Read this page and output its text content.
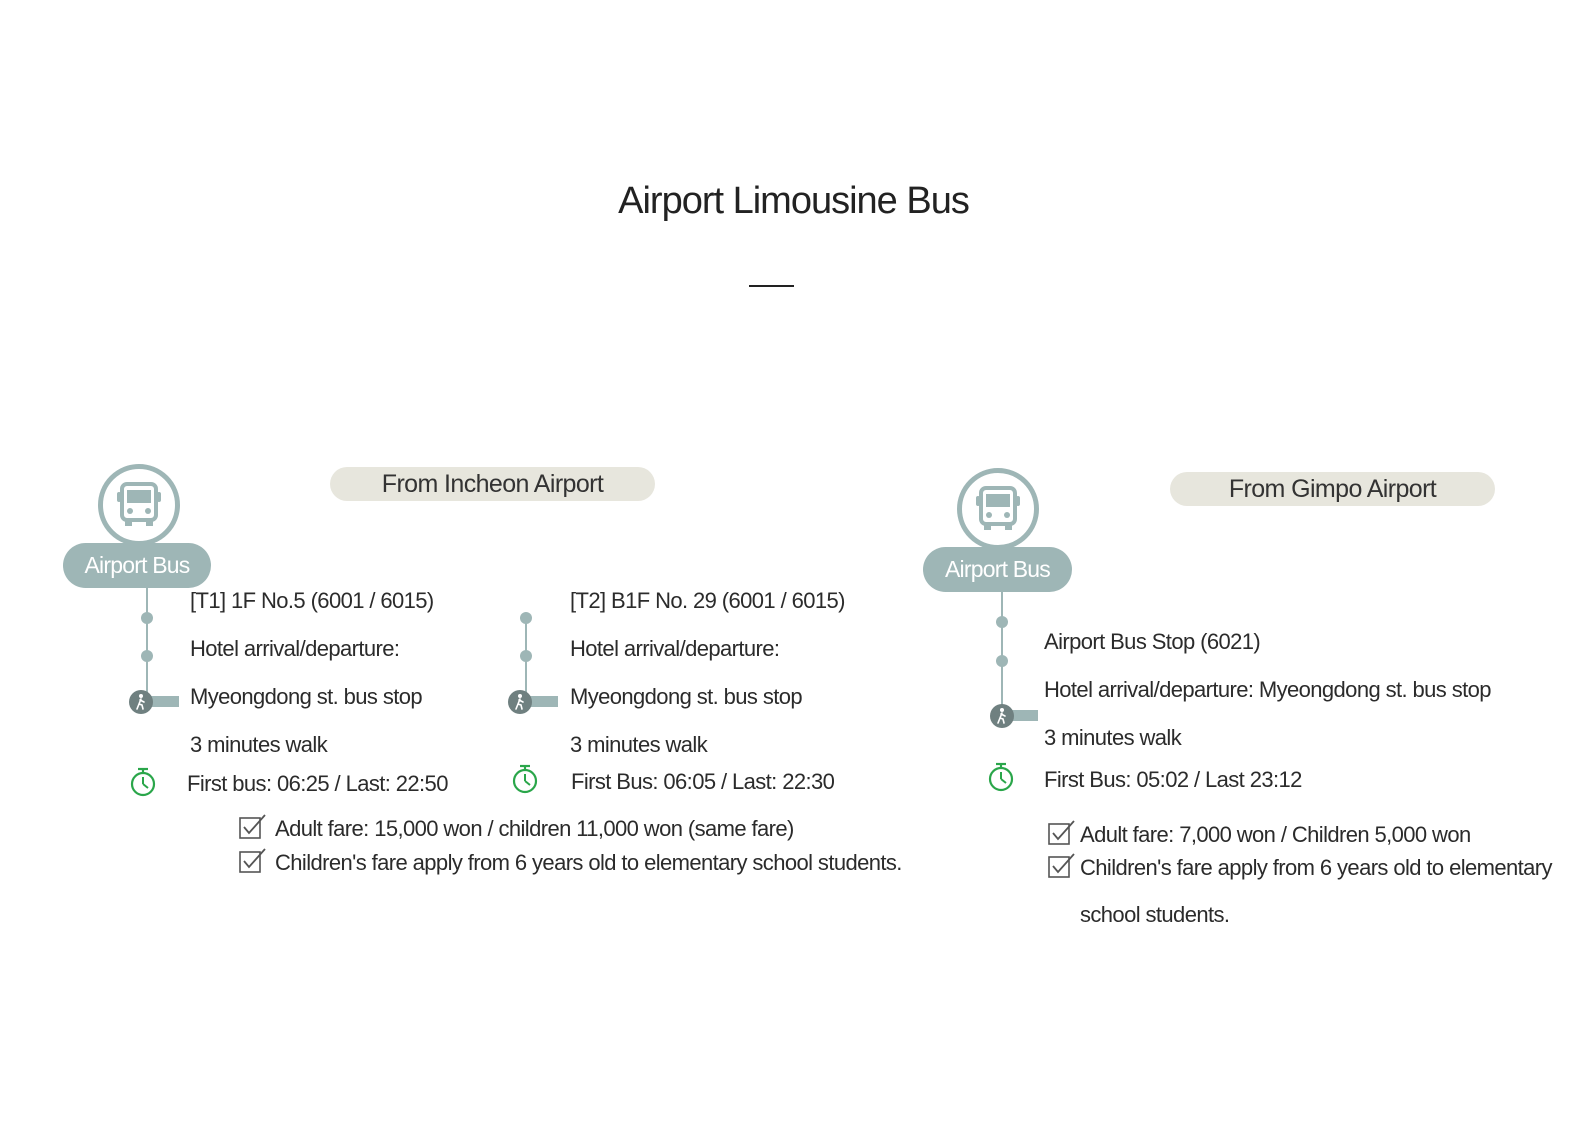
Airport Limousine Bus
From Incheon Airport
Airport Bus
[T1] 1F No.5 (6001 / 6015)
Hotel arrival/departure:
Myeongdong st. bus stop
3 minutes walk
First bus: 06:25 / Last: 22:50
[T2] B1F No. 29 (6001 / 6015)
Hotel arrival/departure:
Myeongdong st. bus stop
3 minutes walk
First Bus: 06:05 / Last: 22:30
Adult fare: 15,000 won / children 11,000 won (same fare)
Children's fare apply from 6 years old to elementary school students.
From Gimpo Airport
Airport Bus
Airport Bus Stop (6021)
Hotel arrival/departure: Myeongdong st. bus stop
3 minutes walk
First Bus: 05:02 / Last 23:12
Adult fare: 7,000 won / Children 5,000 won
Children's fare apply from 6 years old to elementary
school students.
